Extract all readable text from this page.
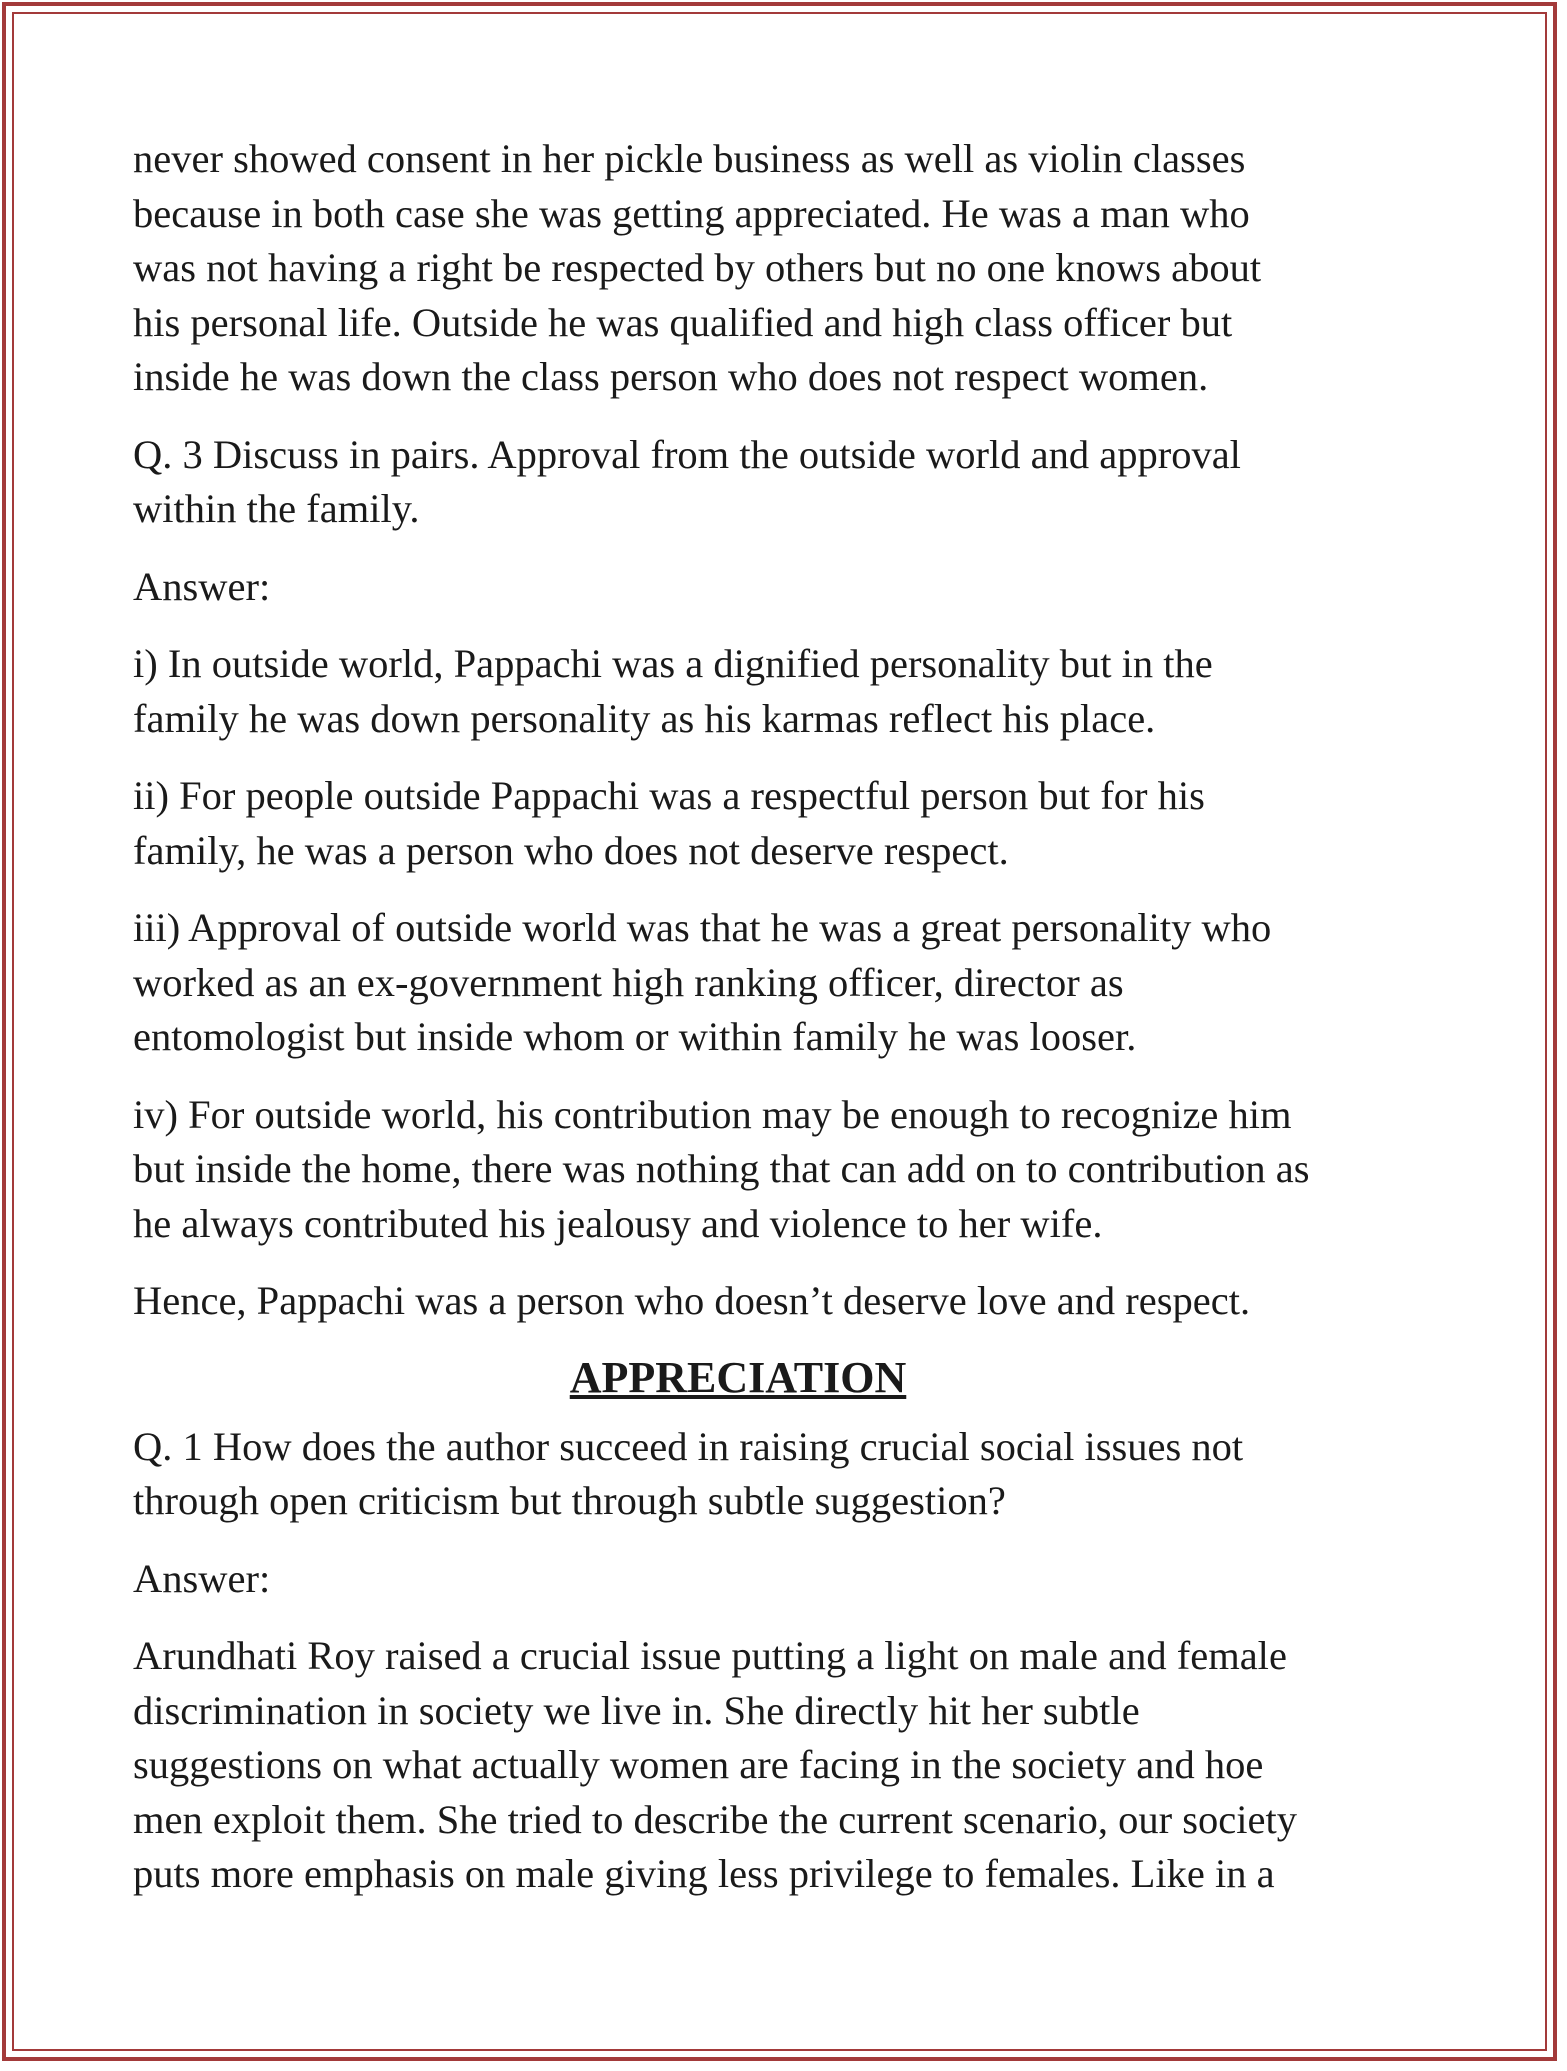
never showed consent in her pickle business as well as violin classes
because in both case she was getting appreciated. He was a man who
was not having a right be respected by others but no one knows about
his personal life. Outside he was qualified and high class officer but
inside he was down the class person who does not respect women.

Q. 3 Discuss in pairs. Approval from the outside world and approval
within the family.

Answer:

i) In outside world, Pappachi was a dignified personality but in the
family he was down personality as his karmas reflect his place.

ii) For people outside Pappachi was a respectful person but for his
family, he was a person who does not deserve respect.

iii) Approval of outside world was that he was a great personality who
worked as an ex-government high ranking officer, director as
entomologist but inside whom or within family he was looser.

iv) For outside world, his contribution may be enough to recognize him
but inside the home, there was nothing that can add on to contribution as
he always contributed his jealousy and violence to her wife.

Hence, Pappachi was a person who doesn’t deserve love and respect.

APPRECIATION

Q. 1 How does the author succeed in raising crucial social issues not
through open criticism but through subtle suggestion?

Answer:

Arundhati Roy raised a crucial issue putting a light on male and female
discrimination in society we live in. She directly hit her subtle
suggestions on what actually women are facing in the society and hoe
men exploit them. She tried to describe the current scenario, our society
puts more emphasis on male giving less privilege to females. Like in a
